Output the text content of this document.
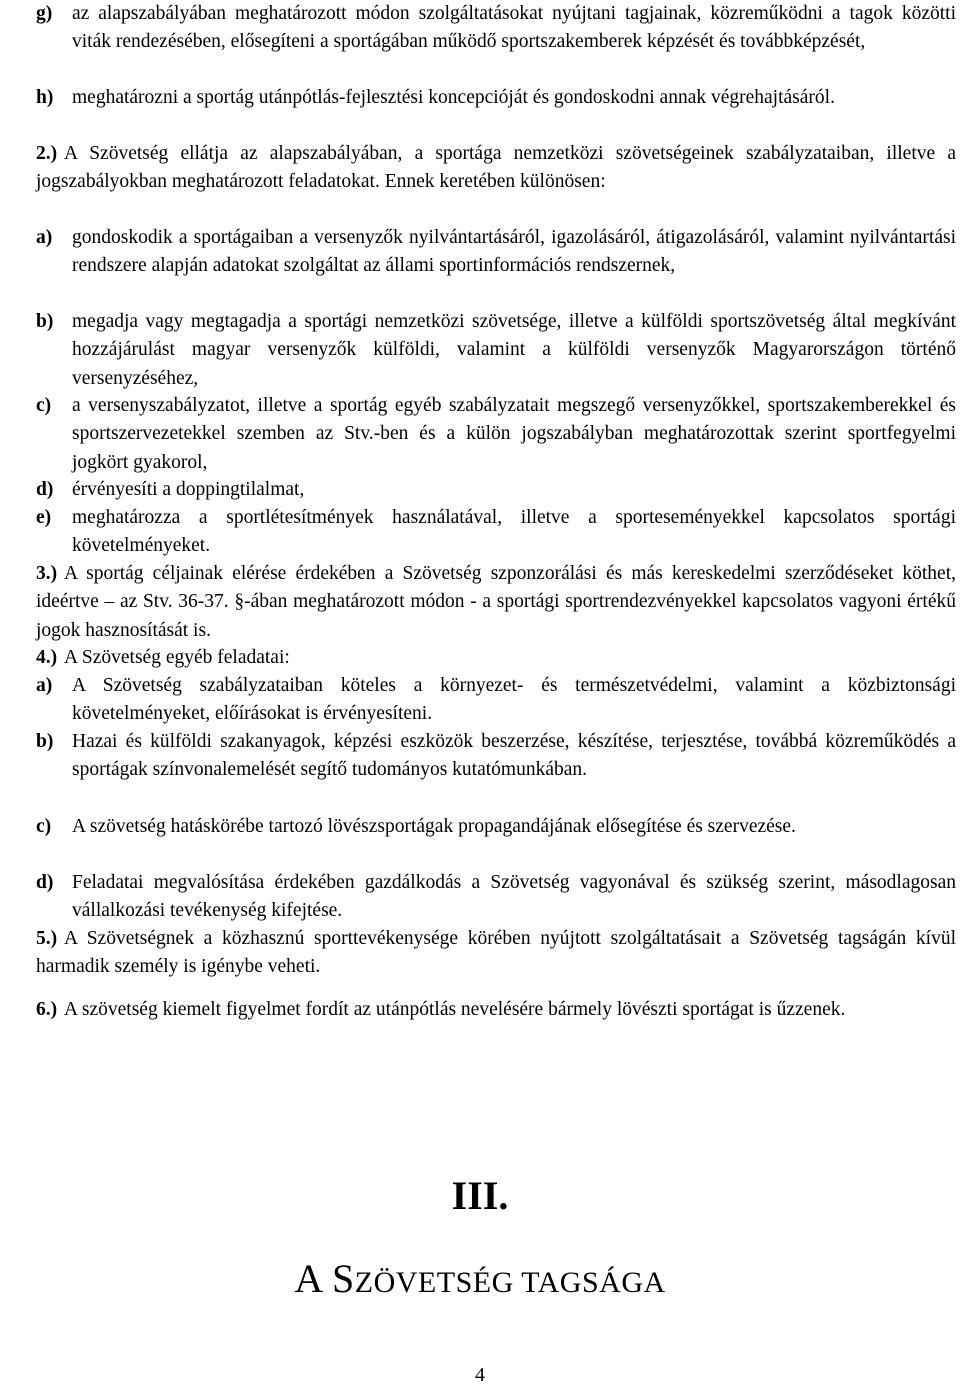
g) az alapszabályában meghatározott módon szolgáltatásokat nyújtani tagjainak, közreműködni a tagok közötti viták rendezésében, elősegíteni a sportágában működő sportszakemberek képzését és továbbképzését,
h) meghatározni a sportág utánpótlás-fejlesztési koncepcióját és gondoskodni annak végrehajtásáról.
2.) A Szövetség ellátja az alapszabályában, a sportága nemzetközi szövetségeinek szabályzataiban, illetve a jogszabályokban meghatározott feladatokat. Ennek keretében különösen:
a) gondoskodik a sportágaiban a versenyzők nyilvántartásáról, igazolásáról, átigazolásáról, valamint nyilvántartási rendszere alapján adatokat szolgáltat az állami sportinformációs rendszernek,
b) megadja vagy megtagadja a sportági nemzetközi szövetsége, illetve a külföldi sportszövetség által megkívánt hozzájárulást magyar versenyzők külföldi, valamint a külföldi versenyzők Magyarországon történő versenyzéséhez,
c) a versenyszabályzatot, illetve a sportág egyéb szabályzatait megszegő versenyzőkkel, sportszakemberekkel és sportszervezetekkel szemben az Stv.-ben és a külön jogszabályban meghatározottak szerint sportfegyelmi jogkört gyakorol,
d) érvényesíti a doppingtilalmat,
e) meghatározza a sportlétesítmények használatával, illetve a sporteseményekkel kapcsolatos sportági követelményeket.
3.) A sportág céljainak elérése érdekében a Szövetség szponzorálási és más kereskedelmi szerződéseket köthet, ideértve – az Stv. 36-37. §-ában meghatározott módon - a sportági sportrendezvényekkel kapcsolatos vagyoni értékű jogok hasznosítását is.
4.) A Szövetség egyéb feladatai:
a) A Szövetség szabályzataiban köteles a környezet- és természetvédelmi, valamint a közbiztonsági követelményeket, előírásokat is érvényesíteni.
b) Hazai és külföldi szakanyagok, képzési eszközök beszerzése, készítése, terjesztése, továbbá közreműködés a sportágak színvonalemelését segítő tudományos kutatómunkában.
c) A szövetség hatáskörébe tartozó lövészsportágak propagandájának elősegítése és szervezése.
d) Feladatai megvalósítása érdekében gazdálkodás a Szövetség vagyonával és szükség szerint, másodlagosan vállalkozási tevékenység kifejtése.
5.) A Szövetségnek a közhasznú sporttevékenysége körében nyújtott szolgáltatásait a Szövetség tagságán kívül harmadik személy is igénybe veheti.
6.) A szövetség kiemelt figyelmet fordít az utánpótlás nevelésére bármely lövészti sportágat is űzzenek.
III.
A SZÖVETSÉG TAGSÁGA
4
